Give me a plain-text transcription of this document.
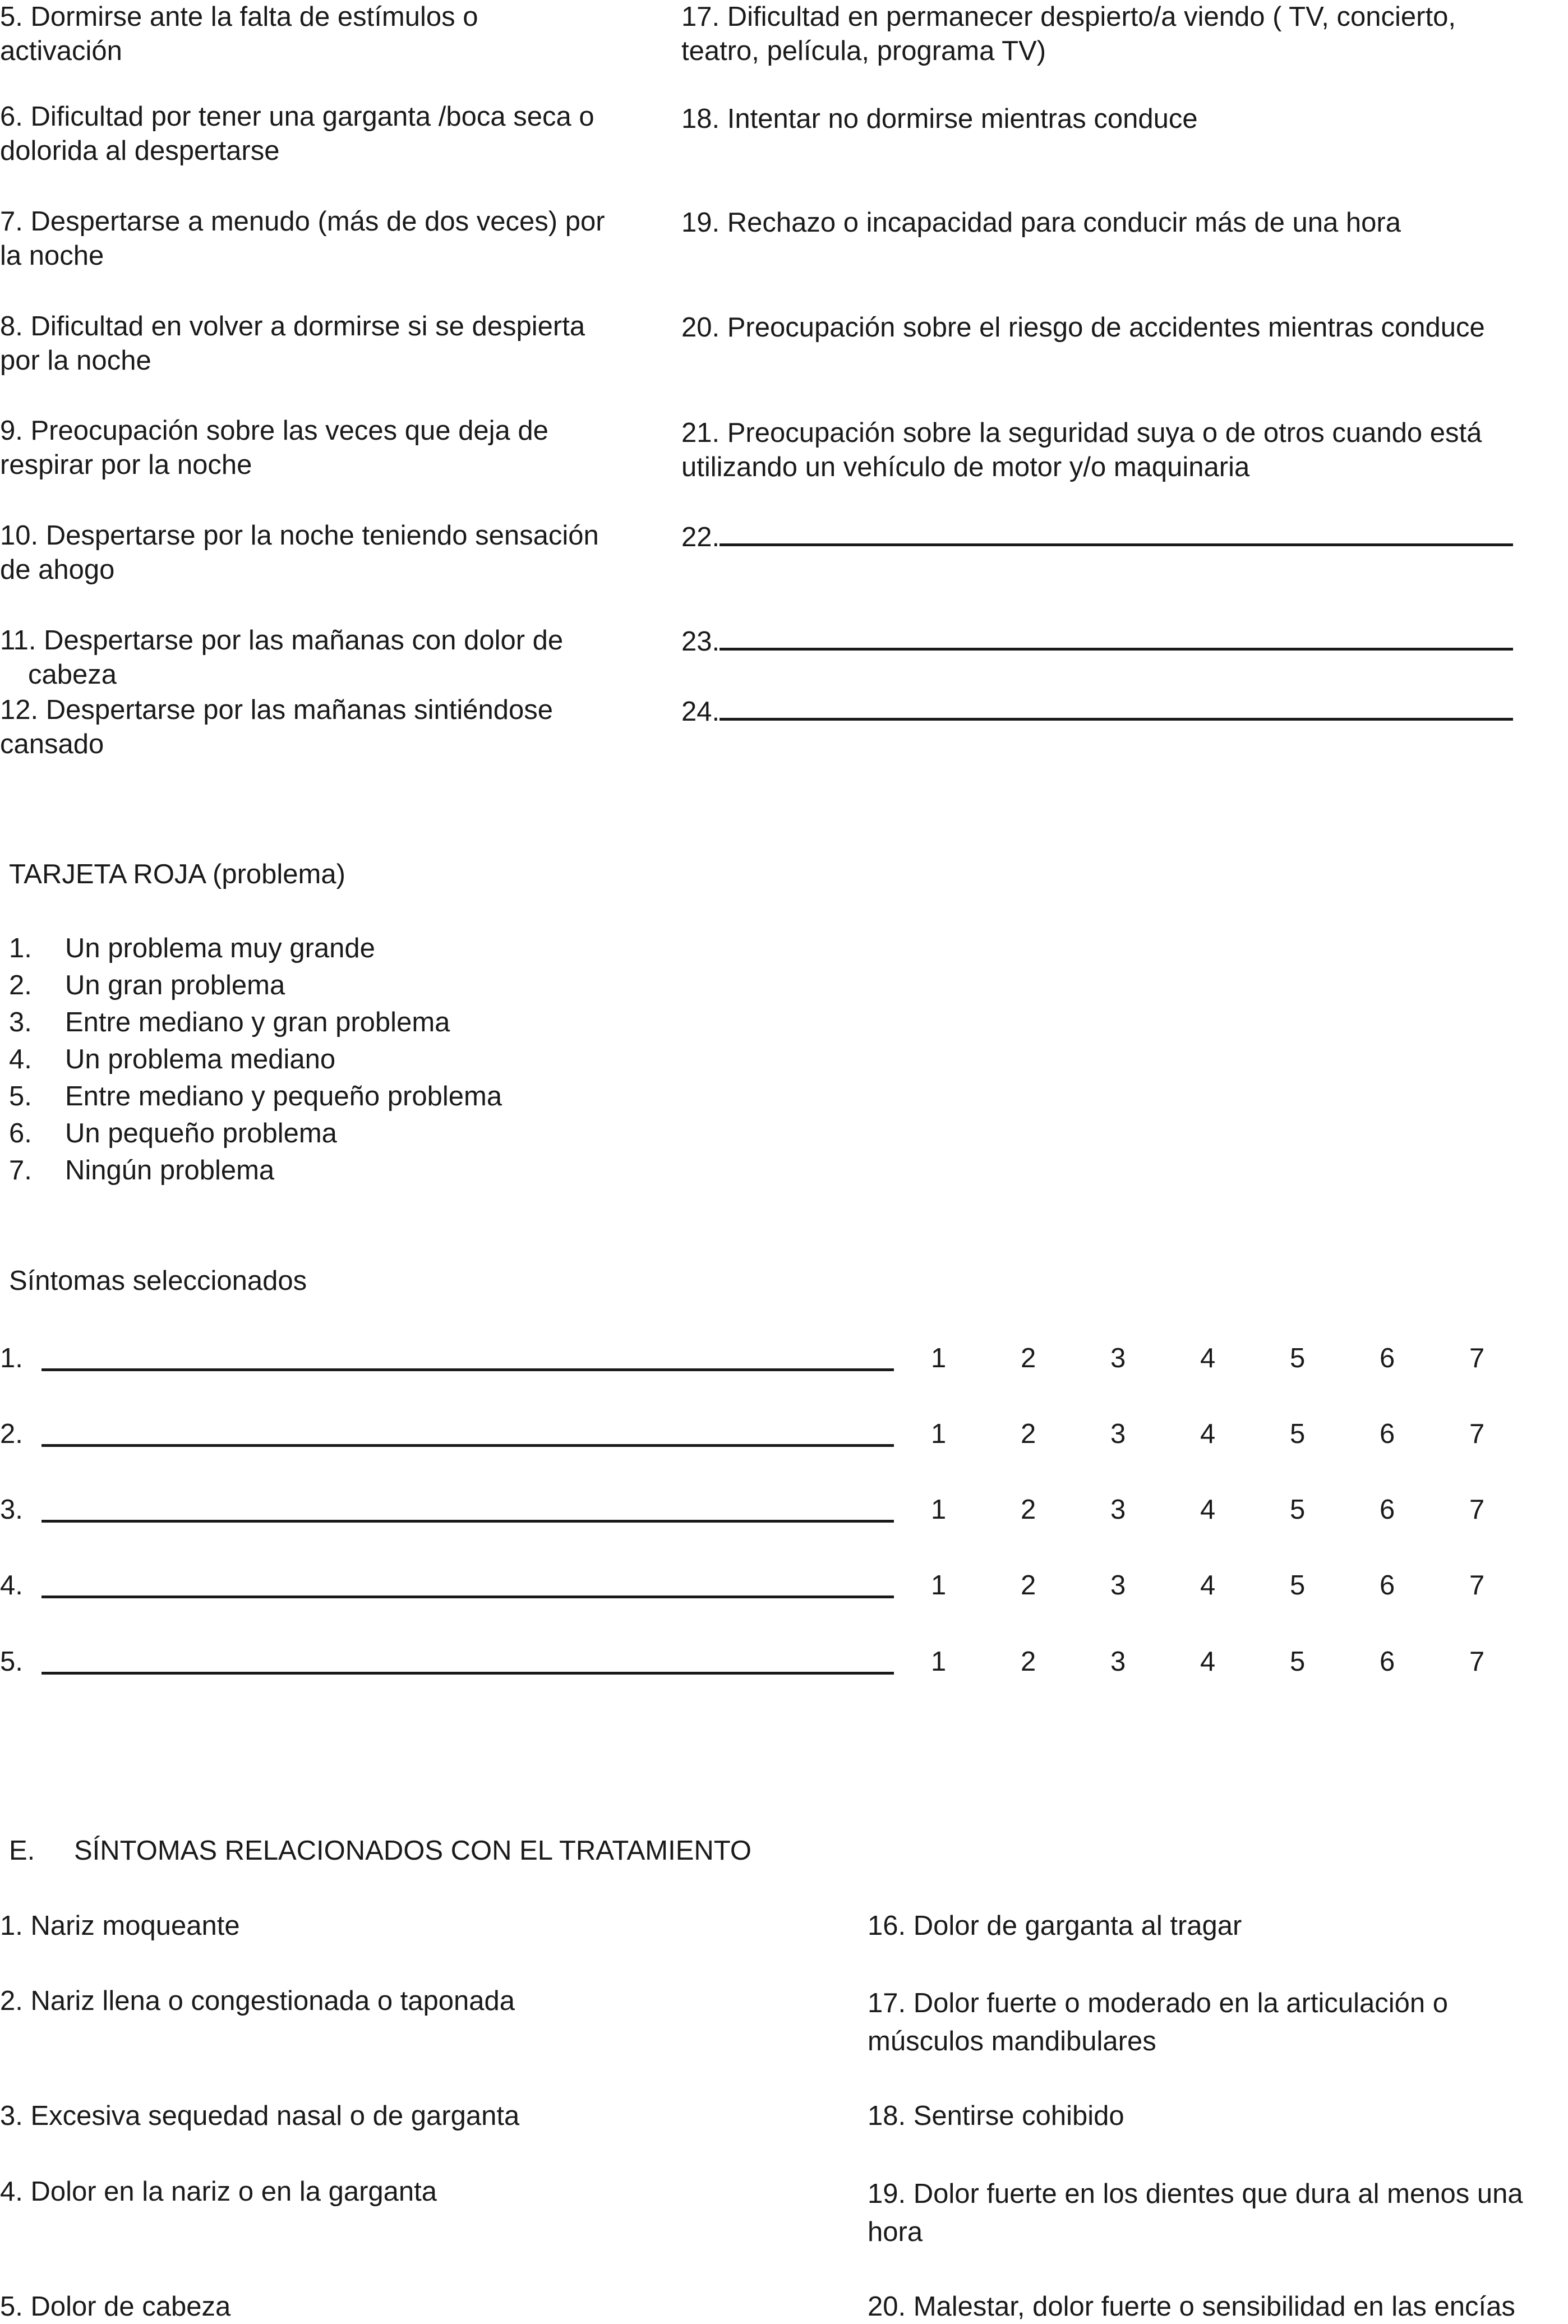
5. Dormirse ante la falta de estímulos o
activación
6. Dificultad por tener una garganta /boca seca o
dolorida al despertarse
7. Despertarse a menudo (más de dos veces) por
la noche
8. Dificultad en volver a dormirse si se despierta
por la noche
9. Preocupación sobre las veces que deja de
respirar por la noche
10. Despertarse por la noche teniendo sensación
de ahogo
11. Despertarse por las mañanas con dolor de
cabeza
12. Despertarse por las mañanas sintiéndose
cansado
17. Dificultad en permanecer despierto/a viendo ( TV, concierto,
teatro, película, programa TV)
18. Intentar no dormirse mientras conduce
19. Rechazo o incapacidad para conducir más de una hora
20. Preocupación sobre el riesgo de accidentes mientras conduce
21. Preocupación sobre la seguridad suya o de otros cuando está
utilizando un vehículo de motor y/o maquinaria
22.
23.
24.
TARJETA ROJA (problema)
1. Un problema muy grande
2. Un gran problema
3. Entre mediano y gran problema
4. Un problema mediano
5. Entre mediano y pequeño problema
6. Un pequeño problema
7. Ningún problema
Síntomas seleccionados
1.	1	2	3	4	5	6	7
2.	1	2	3	4	5	6	7
3.	1	2	3	4	5	6	7
4.	1	2	3	4	5	6	7
5.	1	2	3	4	5	6	7
E. SÍNTOMAS RELACIONADOS CON EL TRATAMIENTO
1. Nariz moqueante
2. Nariz llena o congestionada o taponada
3. Excesiva sequedad nasal o de garganta
4. Dolor en la nariz o en la garganta
5. Dolor de cabeza
16. Dolor de garganta al tragar
17. Dolor fuerte o moderado en la articulación o
músculos mandibulares
18. Sentirse cohibido
19. Dolor fuerte en los dientes que dura al menos una
hora
20. Malestar, dolor fuerte o sensibilidad en las encías
